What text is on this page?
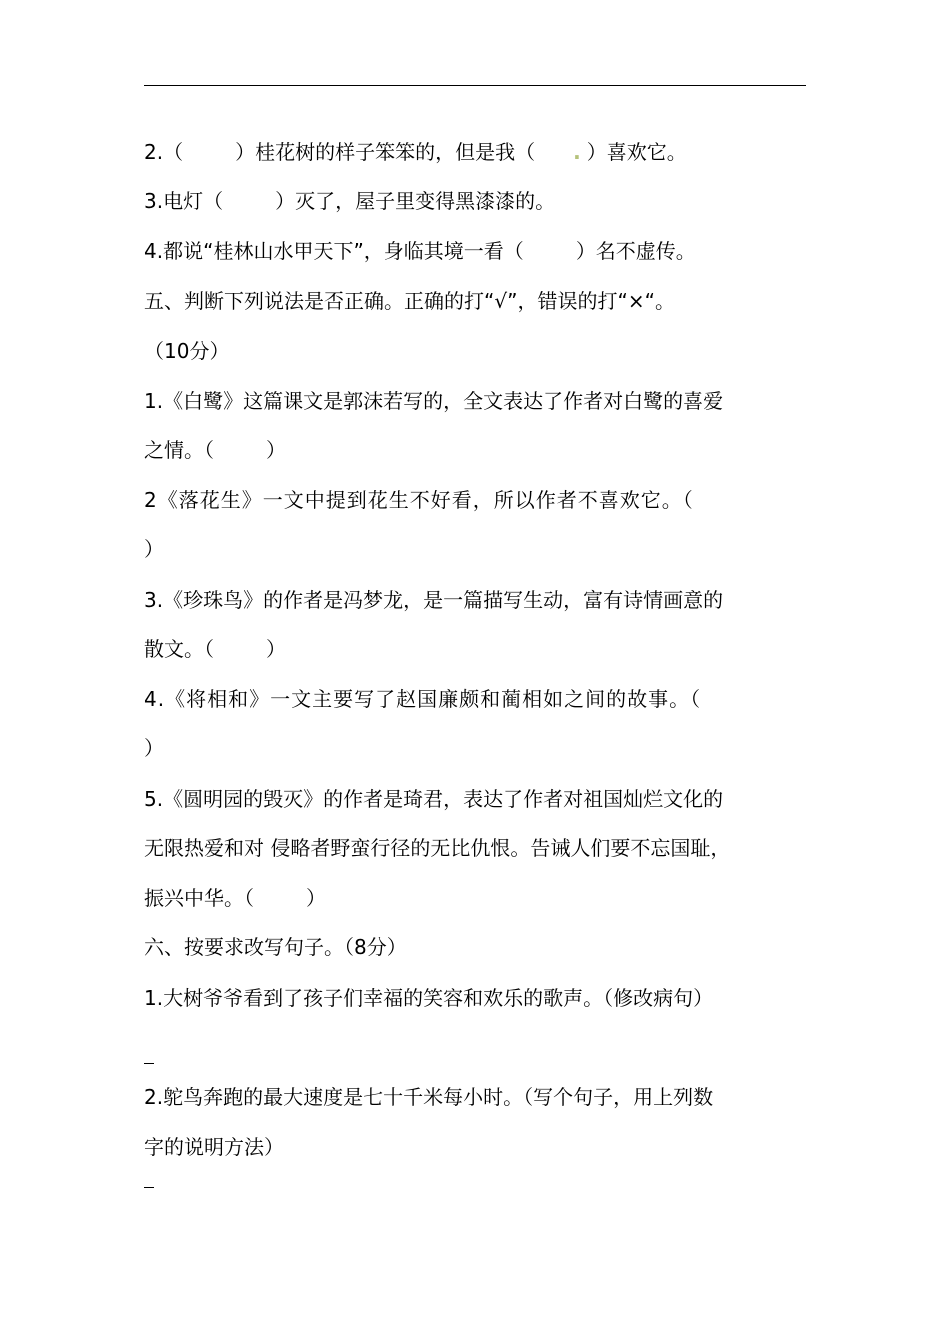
2.（	）桂花树的样子笨笨的，但是我（ . ）喜欢它。
3.电灯（	）灭了，屋子里变得黑漆漆的。
4.都说“桂林山水甲天下”，身临其境一看（	）名不虚传。
五、判断下列说法是否正确。正确的打“√”，错误的打“×“。
（10分）
1.《白鹭》这篇课文是郭沫若写的，全文表达了作者对白鹭的喜爱
之情。（	）
2《落花生》一文中提到花生不好看，所以作者不喜欢它。（
）
3.《珍珠鸟》的作者是冯梦龙，是一篇描写生动，富有诗情画意的
散文。（	）
4.《将相和》一文主要写了赵国廉颇和蔺相如之间的故事。（
）
5.《圆明园的毁灭》的作者是琦君，表达了作者对祖国灿烂文化的
无限热爱和对 侵略者野蛮行径的无比仇恨。告诫人们要不忘国耻，
振兴中华。（	）
六、按要求改写句子。（8分）
1.大树爷爷看到了孩子们幸福的笑容和欢乐的歌声。（修改病句）
2.鸵鸟奔跑的最大速度是七十千米每小时。（写个句子，用上列数
字的说明方法）
